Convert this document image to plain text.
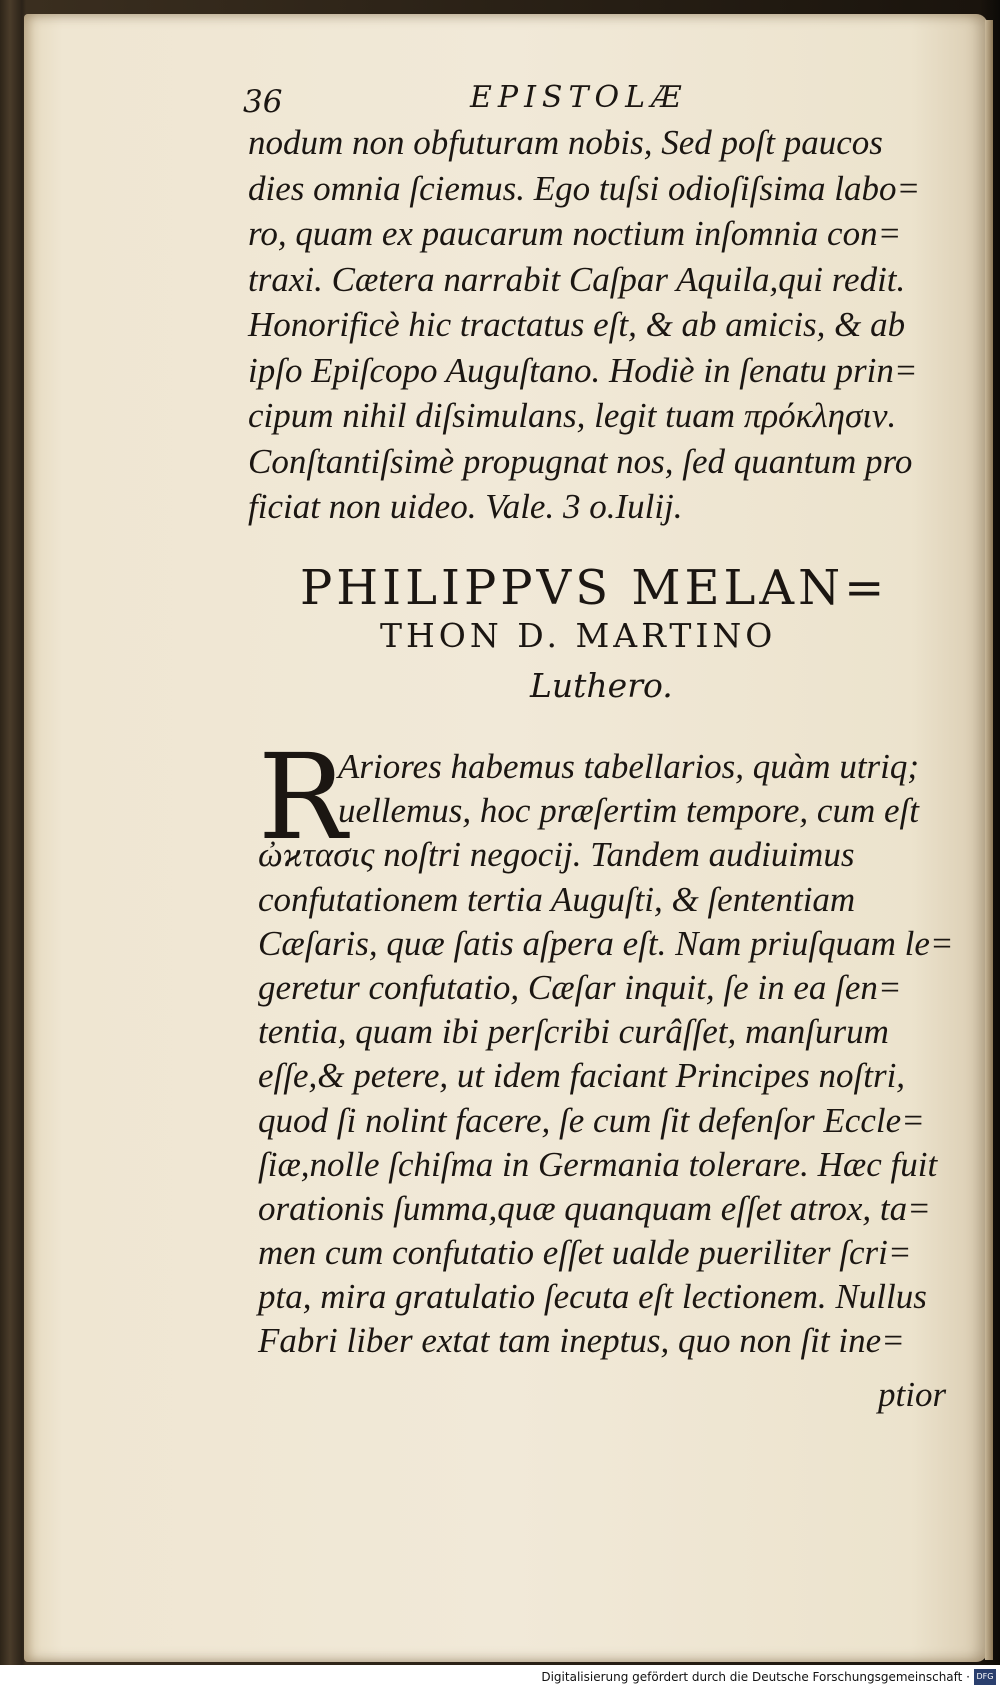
36	EPISTOLÆ
nodum non obfuturam nobis, Sed poſt paucos
dies omnia ſciemus. Ego tuſsi odioſiſsima labo=
ro, quam ex paucarum noctium inſomnia con=
traxi. Cætera narrabit Caſpar Aquila,qui redit.
Honorificè hic tractatus eſt, & ab amicis, & ab
ipſo Epiſcopo Auguſtano. Hodiè in ſenatu prin=
cipum nihil diſsimulans, legit tuam πρόκλησιν.
Conſtantiſsimè propugnat nos, ſed quantum pro
ficiat non uideo. Vale. 3 o.Iulij.
PHILIPPVS MELAN=
THON D. MARTINO
Luthero.
R
Ariores habemus tabellarios, quàm utriq;
uellemus, hoc præſertim tempore, cum eſt
ὠϰτασις noſtri negocij. Tandem audiuimus
confutationem tertia Auguſti, & ſententiam
Cæſaris, quæ ſatis aſpera eſt. Nam priuſquam le=
geretur confutatio, Cæſar inquit, ſe in ea ſen=
tentia, quam ibi perſcribi curâſſet, manſurum
eſſe,& petere, ut idem faciant Principes noſtri,
quod ſi nolint facere, ſe cum ſit defenſor Eccle=
ſiæ,nolle ſchiſma in Germania tolerare. Hæc fuit
orationis ſumma,quæ quanquam eſſet atrox, ta=
men cum confutatio eſſet ualde pueriliter ſcri=
pta, mira gratulatio ſecuta eſt lectionem. Nullus
Fabri liber extat tam ineptus, quo non ſit ine=
ptior
Digitalisierung gefördert durch die Deutsche Forschungsgemeinschaft · DFG
